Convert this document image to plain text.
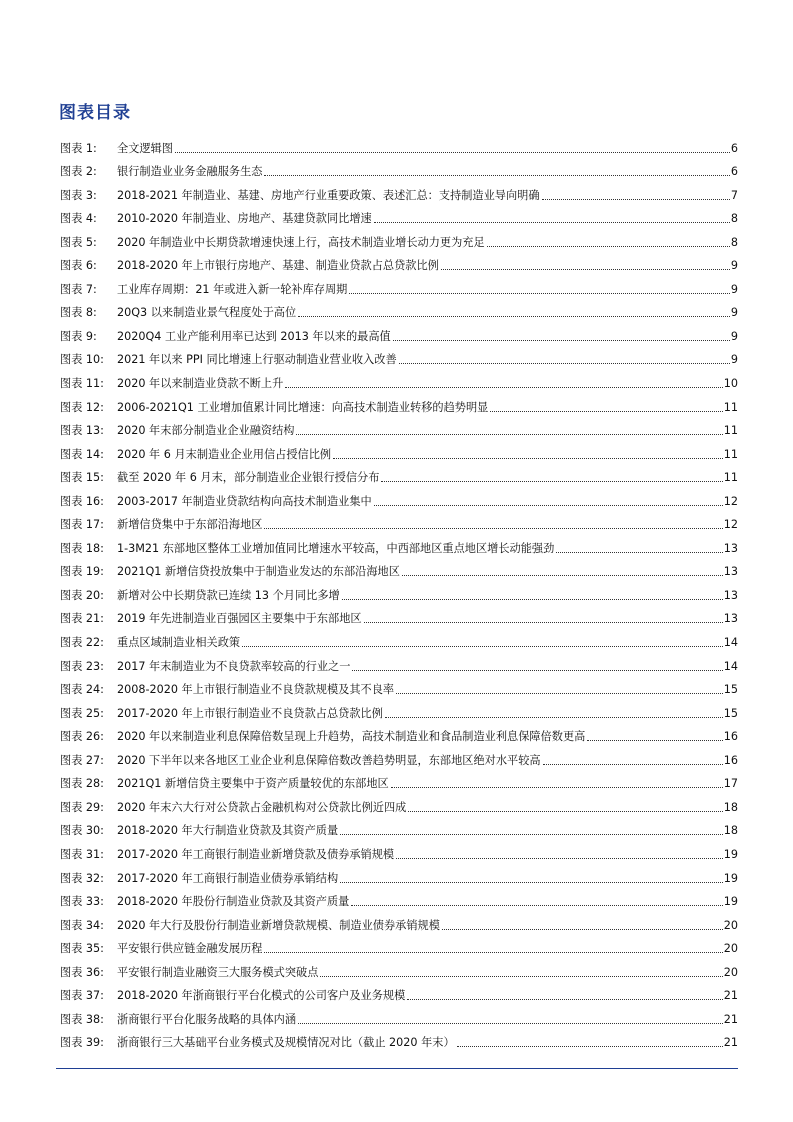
图表目录
图表 1:	全文逻辑图	6
图表 2:	银行制造业业务金融服务生态	6
图表 3:	2018-2021 年制造业、基建、房地产行业重要政策、表述汇总：支持制造业导向明确	7
图表 4:	2010-2020 年制造业、房地产、基建贷款同比增速	8
图表 5:	2020 年制造业中长期贷款增速快速上行，高技术制造业增长动力更为充足	8
图表 6:	2018-2020 年上市银行房地产、基建、制造业贷款占总贷款比例	9
图表 7:	工业库存周期：21 年或进入新一轮补库存周期	9
图表 8:	20Q3 以来制造业景气程度处于高位	9
图表 9:	2020Q4 工业产能利用率已达到 2013 年以来的最高值	9
图表 10:	2021 年以来 PPI 同比增速上行驱动制造业营业收入改善	9
图表 11:	2020 年以来制造业贷款不断上升	10
图表 12:	2006-2021Q1 工业增加值累计同比增速：向高技术制造业转移的趋势明显	11
图表 13:	2020 年末部分制造业企业融资结构	11
图表 14:	2020 年 6 月末制造业企业用信占授信比例	11
图表 15:	截至 2020 年 6 月末，部分制造业企业银行授信分布	11
图表 16:	2003-2017 年制造业贷款结构向高技术制造业集中	12
图表 17:	新增信贷集中于东部沿海地区	12
图表 18:	1-3M21 东部地区整体工业增加值同比增速水平较高，中西部地区重点地区增长动能强劲	13
图表 19:	2021Q1 新增信贷投放集中于制造业发达的东部沿海地区	13
图表 20:	新增对公中长期贷款已连续 13 个月同比多增	13
图表 21:	2019 年先进制造业百强园区主要集中于东部地区	13
图表 22:	重点区域制造业相关政策	14
图表 23:	2017 年末制造业为不良贷款率较高的行业之一	14
图表 24:	2008-2020 年上市银行制造业不良贷款规模及其不良率	15
图表 25:	2017-2020 年上市银行制造业不良贷款占总贷款比例	15
图表 26:	2020 年以来制造业利息保障倍数呈现上升趋势，高技术制造业和食品制造业利息保障倍数更高	16
图表 27:	2020 下半年以来各地区工业企业利息保障倍数改善趋势明显，东部地区绝对水平较高	16
图表 28:	2021Q1 新增信贷主要集中于资产质量较优的东部地区	17
图表 29:	2020 年末六大行对公贷款占金融机构对公贷款比例近四成	18
图表 30:	2018-2020 年大行制造业贷款及其资产质量	18
图表 31:	2017-2020 年工商银行制造业新增贷款及债券承销规模	19
图表 32:	2017-2020 年工商银行制造业债券承销结构	19
图表 33:	2018-2020 年股份行制造业贷款及其资产质量	19
图表 34:	2020 年大行及股份行制造业新增贷款规模、制造业债券承销规模	20
图表 35:	平安银行供应链金融发展历程	20
图表 36:	平安银行制造业融资三大服务模式突破点	20
图表 37:	2018-2020 年浙商银行平台化模式的公司客户及业务规模	21
图表 38:	浙商银行平台化服务战略的具体内涵	21
图表 39:	浙商银行三大基础平台业务模式及规模情况对比（截止 2020 年末）	21
